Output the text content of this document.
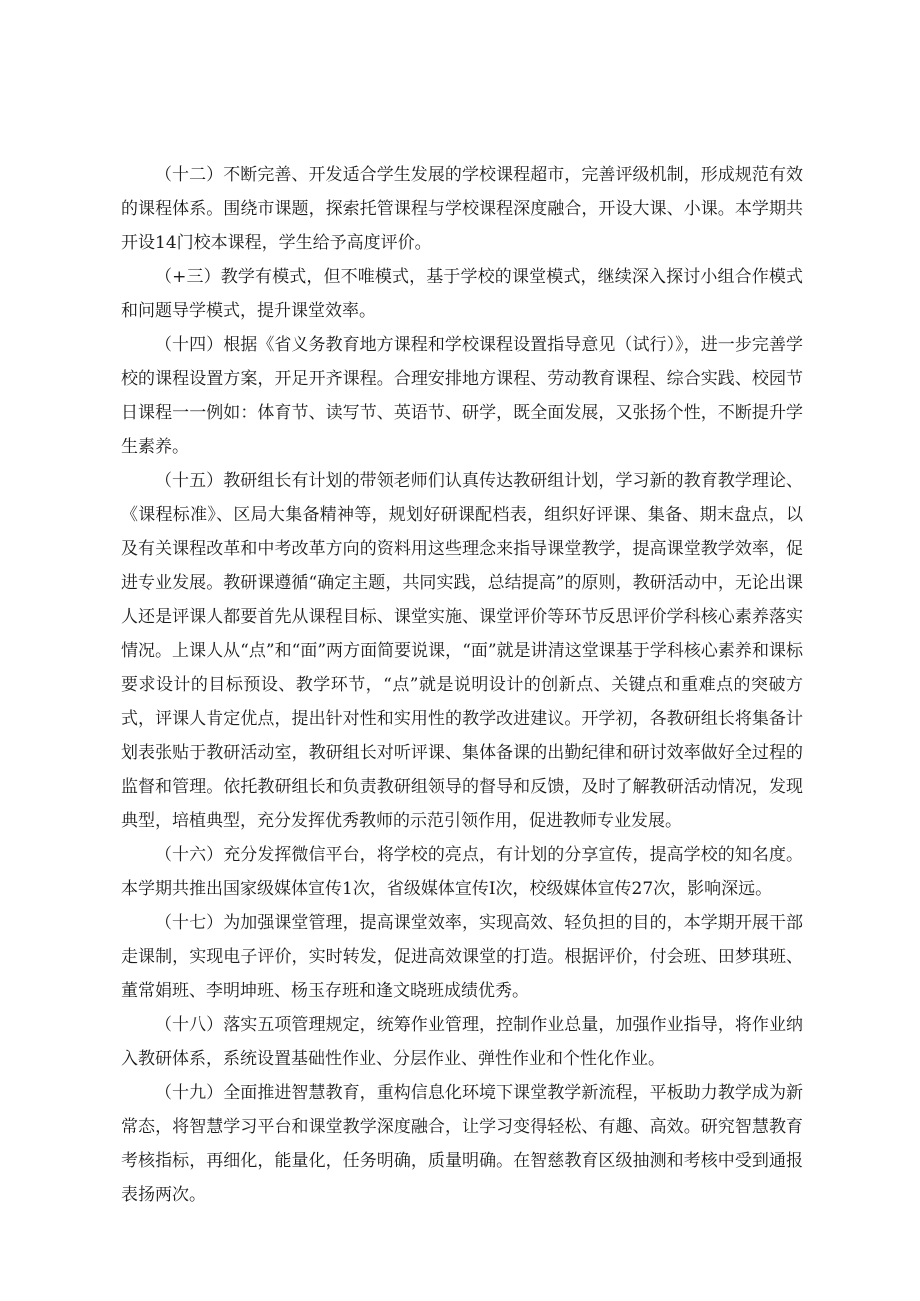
（十二）不断完善、开发适合学生发展的学校课程超市，完善评级机制，形成规范有效的课程体系。围绕市课题，探索托管课程与学校课程深度融合，开设大课、小课。本学期共开设14门校本课程，学生给予高度评价。

（+三）教学有模式，但不唯模式，基于学校的课堂模式，继续深入探讨小组合作模式和问题导学模式，提升课堂效率。

（十四）根据《省义务教育地方课程和学校课程设置指导意见（试行）》，进一步完善学校的课程设置方案，开足开齐课程。合理安排地方课程、劳动教育课程、综合实践、校园节日课程一一例如：体育节、读写节、英语节、研学，既全面发展，又张扬个性，不断提升学生素养。

（十五）教研组长有计划的带领老师们认真传达教研组计划，学习新的教育教学理论、《课程标准》、区局大集备精神等，规划好研课配档表，组织好评课、集备、期末盘点，以及有关课程改革和中考改革方向的资料用这些理念来指导课堂教学，提高课堂教学效率，促进专业发展。教研课遵循“确定主题，共同实践，总结提高”的原则，教研活动中，无论出课人还是评课人都要首先从课程目标、课堂实施、课堂评价等环节反思评价学科核心素养落实情况。上课人从“点”和“面”两方面简要说课，“面”就是讲清这堂课基于学科核心素养和课标要求设计的目标预设、教学环节，“点”就是说明设计的创新点、关键点和重难点的突破方式，评课人肯定优点，提出针对性和实用性的教学改进建议。开学初，各教研组长将集备计划表张贴于教研活动室，教研组长对听评课、集体备课的出勤纪律和研讨效率做好全过程的监督和管理。依托教研组长和负责教研组领导的督导和反馈，及时了解教研活动情况，发现典型，培植典型，充分发挥优秀教师的示范引领作用，促进教师专业发展。

（十六）充分发挥微信平台，将学校的亮点，有计划的分享宣传，提高学校的知名度。本学期共推出国家级媒体宣传1次，省级媒体宣传I次，校级媒体宣传27次，影响深远。

（十七）为加强课堂管理，提高课堂效率，实现高效、轻负担的目的，本学期开展干部走课制，实现电子评价，实时转发，促进高效课堂的打造。根据评价，付会班、田梦琪班、董常娟班、李明坤班、杨玉存班和逢文晓班成绩优秀。

（十八）落实五项管理规定，统筹作业管理，控制作业总量，加强作业指导，将作业纳入教研体系，系统设置基础性作业、分层作业、弹性作业和个性化作业。

（十九）全面推进智慧教育，重构信息化环境下课堂教学新流程，平板助力教学成为新常态，将智慧学习平台和课堂教学深度融合，让学习变得轻松、有趣、高效。研究智慧教育考核指标，再细化，能量化，任务明确，质量明确。在智慈教育区级抽测和考核中受到通报表扬两次。
